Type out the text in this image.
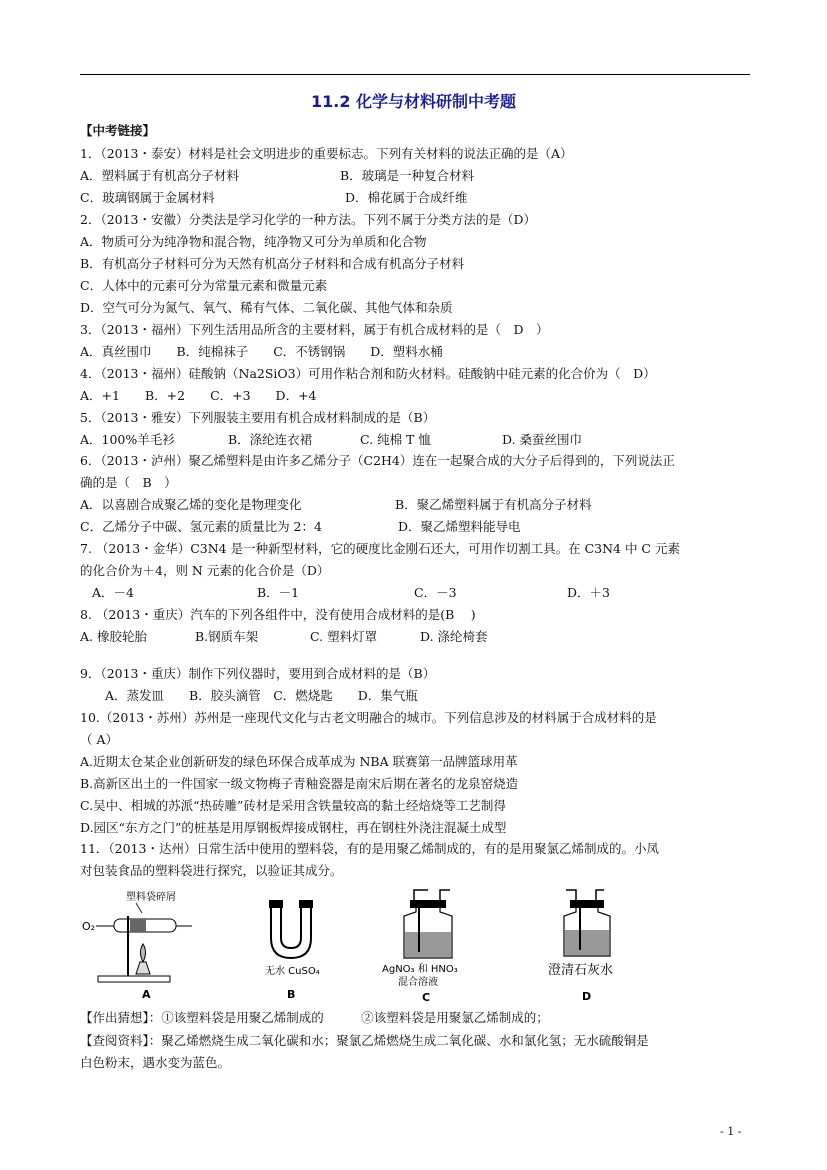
11.2 化学与材料研制中考题
【中考链接】
1．（2013・泰安）材料是社会文明进步的重要标志。下列有关材料的说法正确的是（A）
A．塑料属于有机高分子材料	B．玻璃是一种复合材料
C．玻璃钢属于金属材料	D．棉花属于合成纤维
2．（2013・安徽）分类法是学习化学的一种方法。下列不属于分类方法的是（D）
A．物质可分为纯净物和混合物，纯净物又可分为单质和化合物
B．有机高分子材料可分为天然有机高分子材料和合成有机高分子材料
C．人体中的元素可分为常量元素和微量元素
D．空气可分为氮气、氧气、稀有气体、二氧化碳、其他气体和杂质
3．（2013・福州）下列生活用品所含的主要材料，属于有机合成材料的是（　D　）
A．真丝围巾　　B．纯棉袜子　　C．不锈钢锅　　D．塑料水桶
4．（2013・福州）硅酸钠（Na2SiO3）可用作粘合剂和防火材料。硅酸钠中硅元素的化合价为（　D）
A．+1　　B．+2　　C．+3　　D．+4
5．（2013・雅安）下列服装主要用有机合成材料制成的是（B）
A．100%羊毛衫	B．涤纶连衣裙	C. 纯棉 T 恤	D. 桑蚕丝围巾
6．（2013・泸州）聚乙烯塑料是由许多乙烯分子（C2H4）连在一起聚合成的大分子后得到的，下列说法正
确的是（　B　）
A．以喜剧合成聚乙烯的变化是物理变化	B．聚乙烯塑料属于有机高分子材料
C．乙烯分子中碳、氢元素的质量比为 2：4	D．聚乙烯塑料能导电
7. （2013・金华）C3N4 是一种新型材料，它的硬度比金刚石还大，可用作切割工具。在 C3N4 中 C 元素
的化合价为＋4，则 N 元素的化合价是（D）
A．－4	B．－1	C．－3	D．＋3
8. （2013・重庆）汽车的下列各组件中，没有使用合成材料的是(B　 )
A. 橡胶轮胎	B.钢质车架	C. 塑料灯罩	D. 涤纶椅套
9．（2013・重庆）制作下列仪器时，要用到合成材料的是（B）
　　A．蒸发皿　　B．胶头滴管　C．燃烧匙　　D．集气瓶
10.（2013・苏州）苏州是一座现代文化与古老文明融合的城市。下列信息涉及的材料属于合成材料的是
（ A）
A.近期太仓某企业创新研发的绿色环保合成革成为 NBA 联赛第一品牌篮球用革
B.高新区出土的一件国家一级文物梅子青釉瓷器是南宋后期在著名的龙泉窑烧造
C.吴中、相城的苏派“热砖雕”砖材是采用含铁量较高的黏土经焙烧等工艺制得
D.园区“东方之门”的桩基是用厚钢板焊接成钢柱，再在钢柱外浇注混凝土成型
11．（2013・达州）日常生活中使用的塑料袋，有的是用聚乙烯制成的，有的是用聚氯乙烯制成的。小凤
对包装食品的塑料袋进行探究，以验证其成分。
塑料袋碎屑
O₂
A
无水 CuSO₄
B
AgNO₃ 和 HNO₃
混合溶液
C
澄清石灰水
D
【作出猜想】：①该塑料袋是用聚乙烯制成的　　　②该塑料袋是用聚氯乙烯制成的；
【查阅资料】：聚乙烯燃烧生成二氧化碳和水；聚氯乙烯燃烧生成二氧化碳、水和氯化氢；无水硫酸铜是
白色粉末，遇水变为蓝色。
- 1 -
